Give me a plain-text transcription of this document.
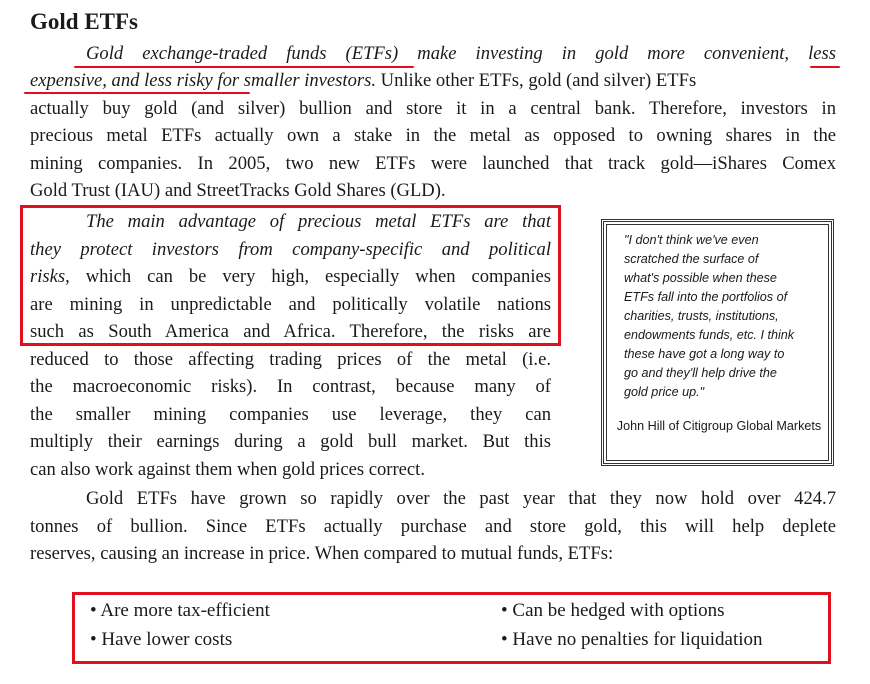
Gold ETFs
Gold exchange-traded funds (ETFs) make investing in gold more convenient, less
expensive, and less risky for smaller investors. Unlike other ETFs, gold (and silver) ETFs
actually buy gold (and silver) bullion and store it in a central bank. Therefore, investors in
precious metal ETFs actually own a stake in the metal as opposed to owning shares in the
mining companies. In 2005, two new ETFs were launched that track gold—iShares Comex
Gold Trust (IAU) and StreetTracks Gold Shares (GLD).
The main advantage of precious metal ETFs are that
they protect investors from company-specific and political
risks, which can be very high, especially when companies
are mining in unpredictable and politically volatile nations
such as South America and Africa. Therefore, the risks are
reduced to those affecting trading prices of the metal (i.e.
the macroeconomic risks). In contrast, because many of
the smaller mining companies use leverage, they can
multiply their earnings during a gold bull market. But this
can also work against them when gold prices correct.
"I don't think we've even
scratched the surface of
what's possible when these
ETFs fall into the portfolios of
charities, trusts, institutions,
endowments funds, etc. I think
these have got a long way to
go and they'll help drive the
gold price up."
John Hill of Citigroup Global Markets
Gold ETFs have grown so rapidly over the past year that they now hold over 424.7
tonnes of bullion. Since ETFs actually purchase and store gold, this will help deplete
reserves, causing an increase in price. When compared to mutual funds, ETFs:
• Are more tax-efficient
• Have lower costs
• Can be hedged with options
• Have no penalties for liquidation
